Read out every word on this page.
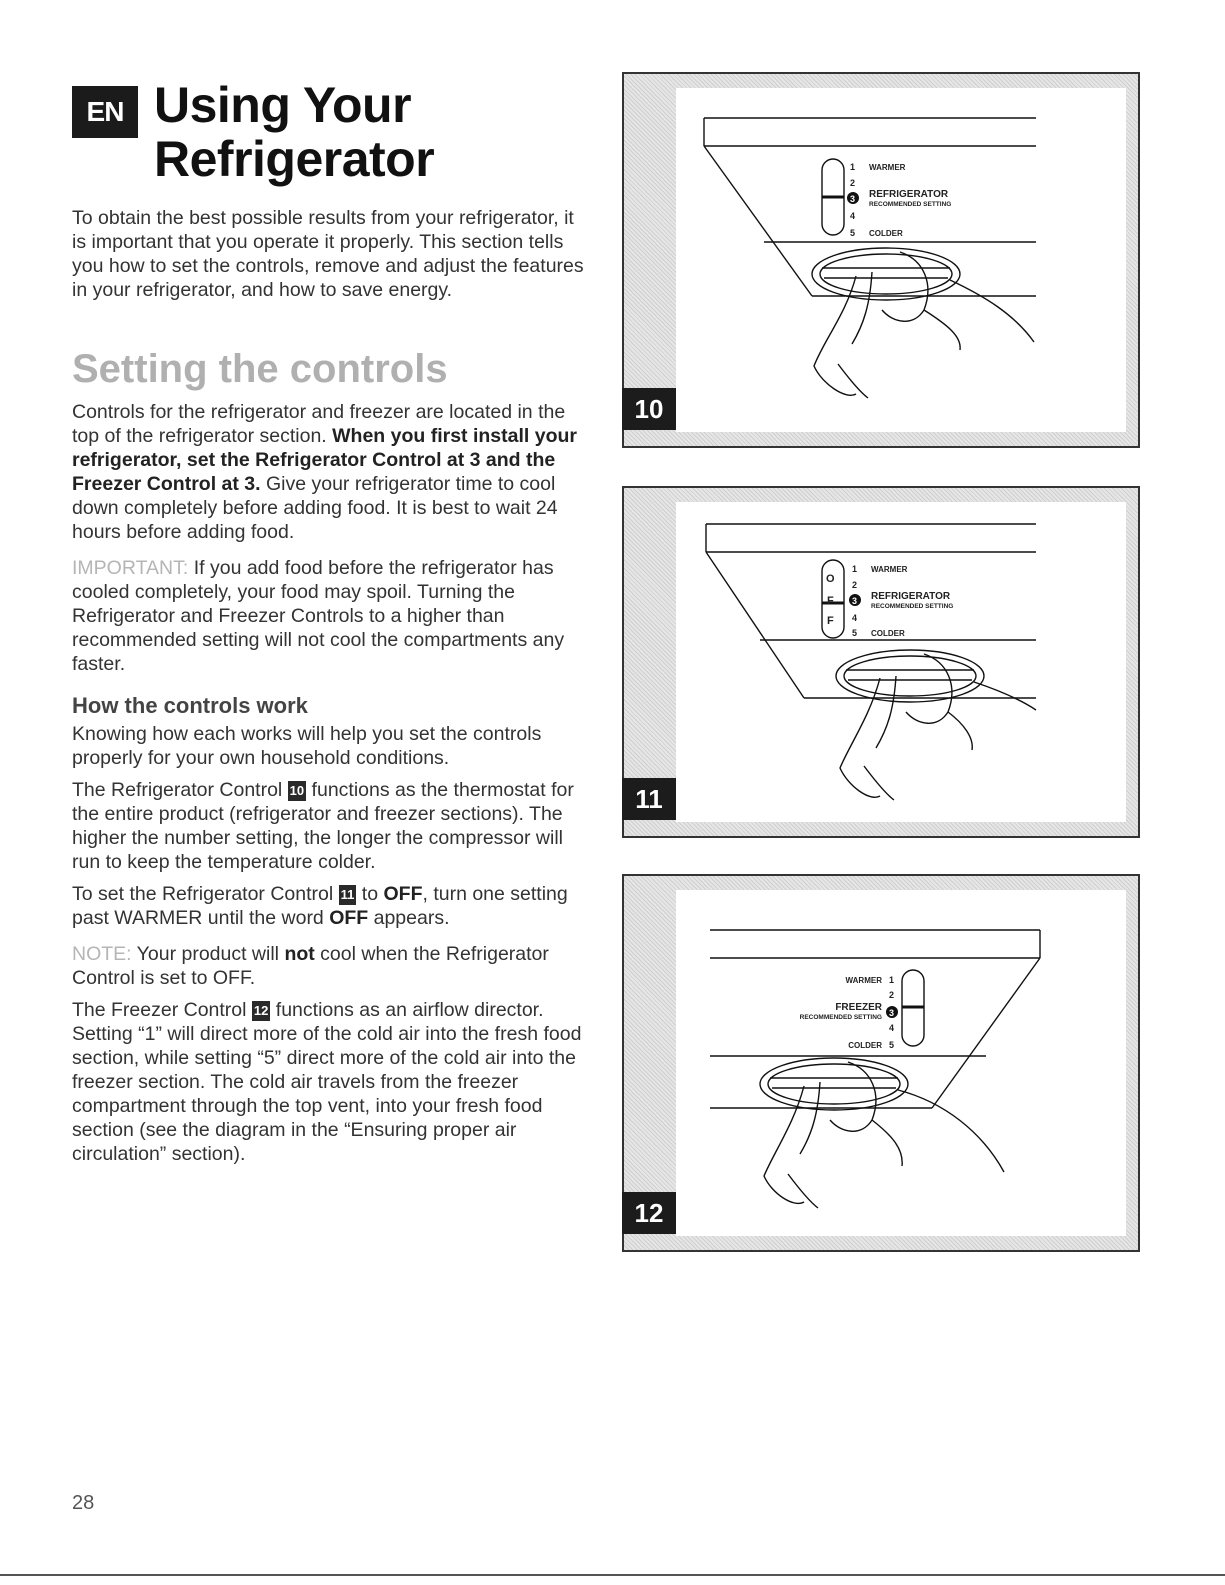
EN Using Your
Refrigerator
To obtain the best possible results from your refrigerator, it is important that you operate it properly. This section tells you how to set the controls, remove and adjust the features in your refrigerator, and how to save energy.
Setting the controls

Controls for the refrigerator and freezer are located in the top of the refrigerator section. When you first install your refrigerator, set the Refrigerator Control at 3 and the Freezer Control at 3. Give your refrigerator time to cool down completely before adding food. It is best to wait 24 hours before adding food.

IMPORTANT: If you add food before the refrigerator has cooled completely, your food may spoil. Turning the Refrigerator and Freezer Controls to a higher than recommended setting will not cool the compartments any faster.

How the controls work

Knowing how each works will help you set the controls properly for your own household conditions.

The Refrigerator Control 10 functions as the thermostat for the entire product (refrigerator and freezer sections). The higher the number setting, the longer the compressor will run to keep the temperature colder.

To set the Refrigerator Control 11 to OFF, turn one setting past WARMER until the word OFF appears.

NOTE: Your product will not cool when the Refrigerator Control is set to OFF.

The Freezer Control 12 functions as an airflow director. Setting “1” will direct more of the cold air into the fresh food section, while setting “5” direct more of the cold air into the freezer section. The cold air travels from the freezer compartment through the top vent, into your fresh food section (see the diagram in the “Ensuring proper air circulation” section).

1 WARMER
2
3 REFRIGERATOR
RECOMMENDED SETTING
4
5 COLDER
10
O
F
F
1 WARMER
2
3 REFRIGERATOR
RECOMMENDED SETTING
4
5 COLDER
11
WARMER 1
2
FREEZER
RECOMMENDED SETTING 3
4
COLDER 5
12
28
